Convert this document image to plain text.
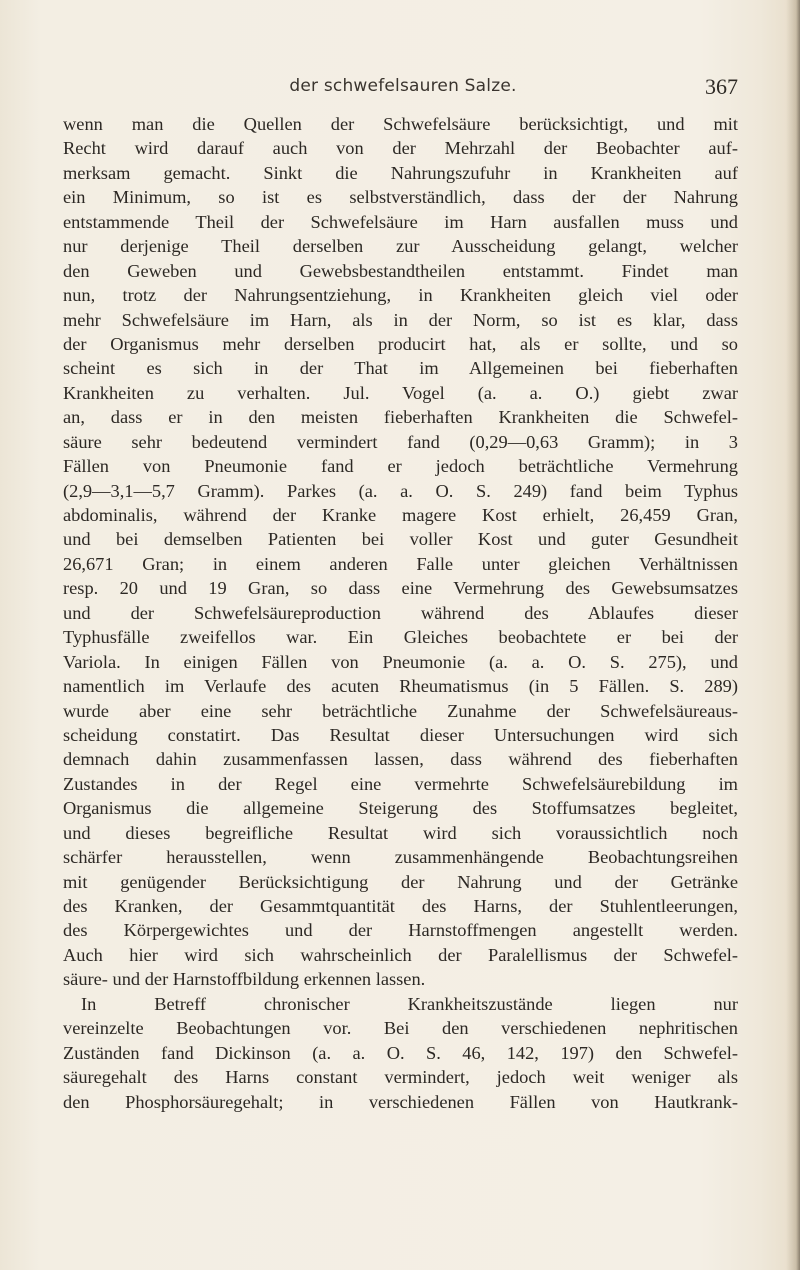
der schwefelsauren Salze.	367
wenn man die Quellen der Schwefelsäure berücksichtigt, und mit
Recht wird darauf auch von der Mehrzahl der Beobachter auf-
merksam gemacht. Sinkt die Nahrungszufuhr in Krankheiten auf
ein Minimum, so ist es selbstverständlich, dass der der Nahrung
entstammende Theil der Schwefelsäure im Harn ausfallen muss und
nur derjenige Theil derselben zur Ausscheidung gelangt, welcher
den Geweben und Gewebsbestandtheilen entstammt. Findet man
nun, trotz der Nahrungsentziehung, in Krankheiten gleich viel oder
mehr Schwefelsäure im Harn, als in der Norm, so ist es klar, dass
der Organismus mehr derselben producirt hat, als er sollte, und so
scheint es sich in der That im Allgemeinen bei fieberhaften
Krankheiten zu verhalten. Jul. Vogel (a. a. O.) giebt zwar
an, dass er in den meisten fieberhaften Krankheiten die Schwefel-
säure sehr bedeutend vermindert fand (0,29—0,63 Gramm); in 3
Fällen von Pneumonie fand er jedoch beträchtliche Vermehrung
(2,9—3,1—5,7 Gramm). Parkes (a. a. O. S. 249) fand beim Typhus
abdominalis, während der Kranke magere Kost erhielt, 26,459 Gran,
und bei demselben Patienten bei voller Kost und guter Gesundheit
26,671 Gran; in einem anderen Falle unter gleichen Verhältnissen
resp. 20 und 19 Gran, so dass eine Vermehrung des Gewebsumsatzes
und der Schwefelsäureproduction während des Ablaufes dieser
Typhusfälle zweifellos war. Ein Gleiches beobachtete er bei der
Variola. In einigen Fällen von Pneumonie (a. a. O. S. 275), und
namentlich im Verlaufe des acuten Rheumatismus (in 5 Fällen. S. 289)
wurde aber eine sehr beträchtliche Zunahme der Schwefelsäureaus-
scheidung constatirt. Das Resultat dieser Untersuchungen wird sich
demnach dahin zusammenfassen lassen, dass während des fieberhaften
Zustandes in der Regel eine vermehrte Schwefelsäurebildung im
Organismus die allgemeine Steigerung des Stoffumsatzes begleitet,
und dieses begreifliche Resultat wird sich voraussichtlich noch
schärfer herausstellen, wenn zusammenhängende Beobachtungsreihen
mit genügender Berücksichtigung der Nahrung und der Getränke
des Kranken, der Gesammtquantität des Harns, der Stuhlentleerungen,
des Körpergewichtes und der Harnstoffmengen angestellt werden.
Auch hier wird sich wahrscheinlich der Paralellismus der Schwefel-
säure- und der Harnstoffbildung erkennen lassen.
In Betreff chronischer Krankheitszustände liegen nur
vereinzelte Beobachtungen vor. Bei den verschiedenen nephritischen
Zuständen fand Dickinson (a. a. O. S. 46, 142, 197) den Schwefel-
säuregehalt des Harns constant vermindert, jedoch weit weniger als
den Phosphorsäuregehalt; in verschiedenen Fällen von Hautkrank-
